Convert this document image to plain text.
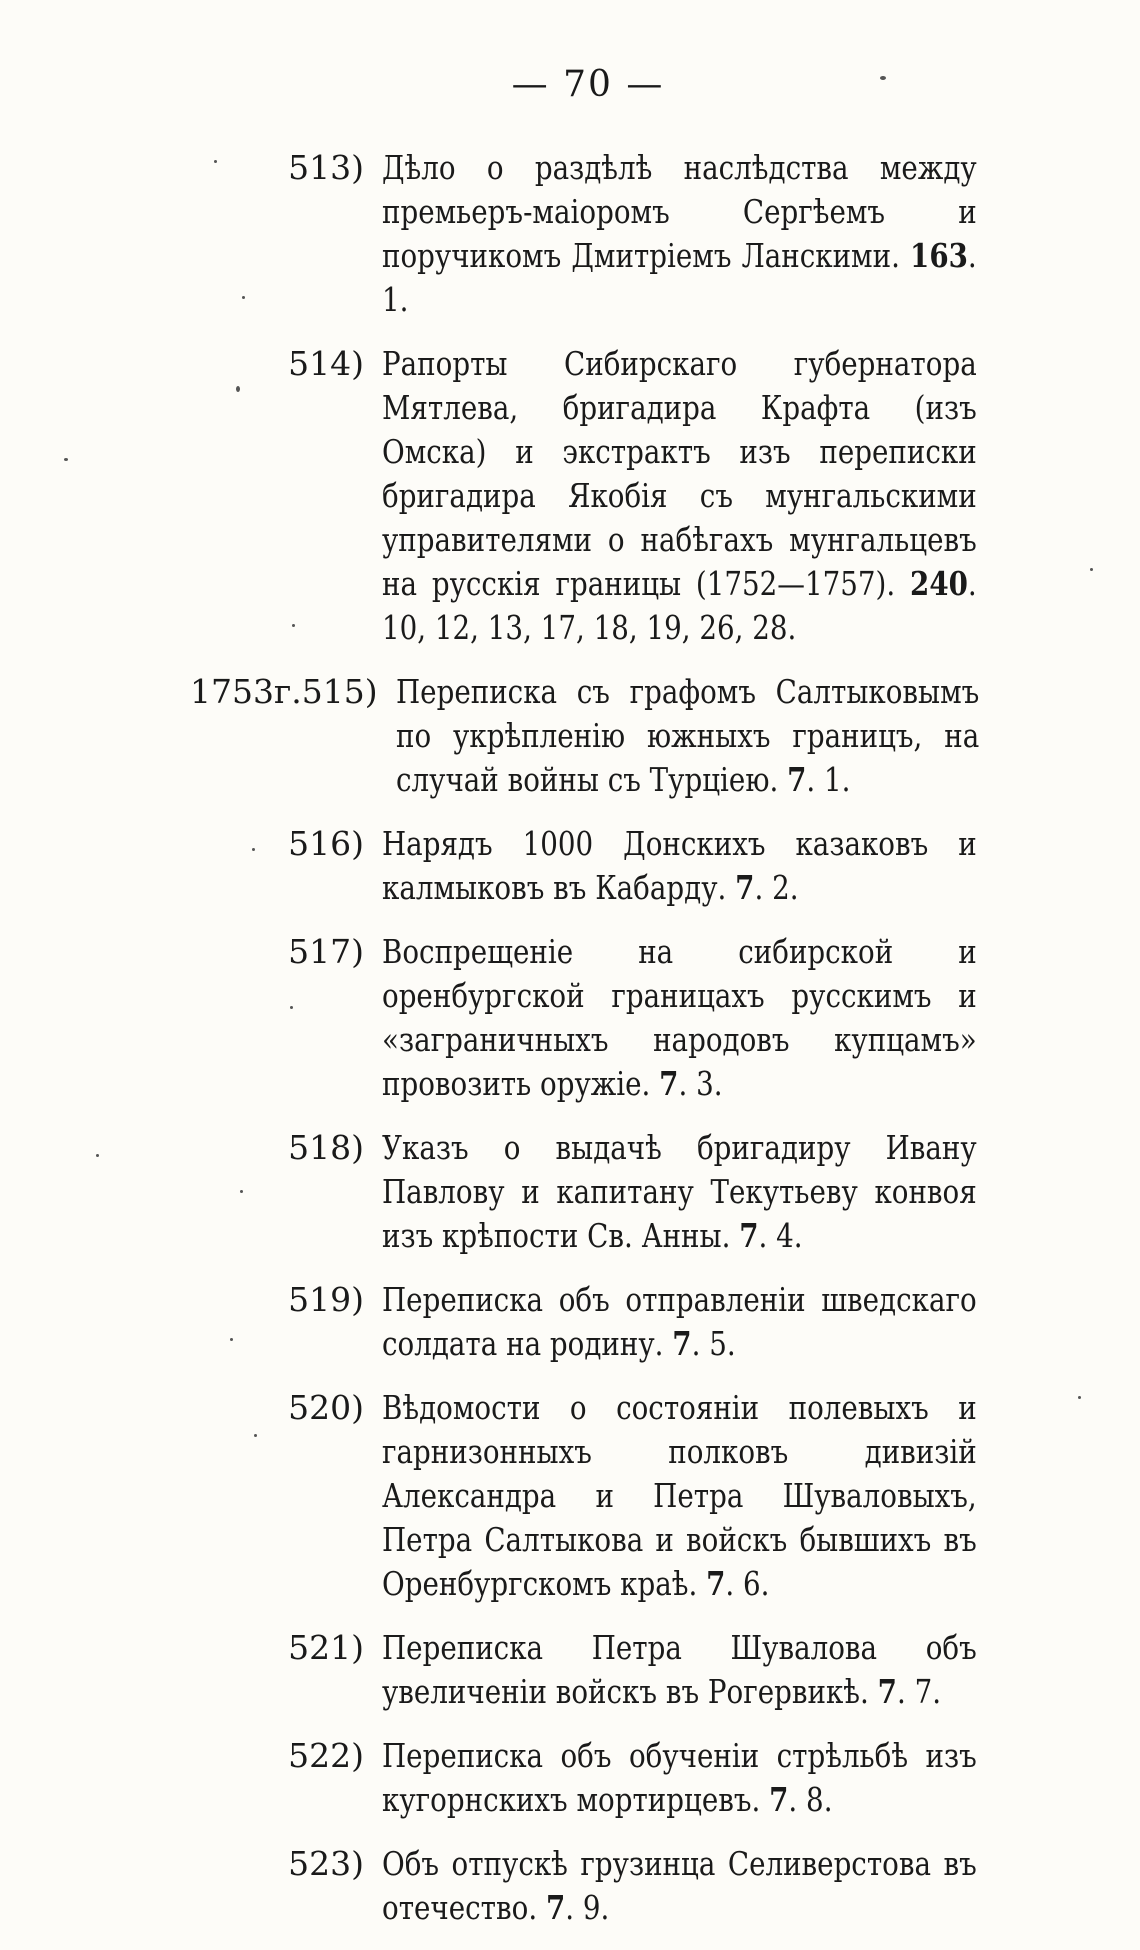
— 70 —
513) Дѣло о раздѣлѣ наслѣдства между премьеръ-маіоромъ Сергѣемъ и поручикомъ Дмитріемъ Ланскими. 163. 1.
514) Рапорты Сибирскаго губернатора Мятлева, бригадира Крафта (изъ Омска) и экстрактъ изъ переписки бригадира Якобія съ мунгальскими управителями о набѣгахъ мунгальцевъ на русскія границы (1752—1757). 240. 10, 12, 13, 17, 18, 19, 26, 28.
1753г.515) Переписка съ графомъ Салтыковымъ по укрѣпленію южныхъ границъ, на случай войны съ Турціею. 7. 1.
516) Нарядъ 1000 Донскихъ казаковъ и калмыковъ въ Кабарду. 7. 2.
517) Воспрещеніе на сибирской и оренбургской границахъ русскимъ и «заграничныхъ народовъ купцамъ» провозить оружіе. 7. 3.
518) Указъ о выдачѣ бригадиру Ивану Павлову и капитану Текутьеву конвоя изъ крѣпости Св. Анны. 7. 4.
519) Переписка объ отправленіи шведскаго солдата на родину. 7. 5.
520) Вѣдомости о состояніи полевыхъ и гарнизонныхъ полковъ дивизій Александра и Петра Шуваловыхъ, Петра Салтыкова и войскъ бывшихъ въ Оренбургскомъ краѣ. 7. 6.
521) Переписка Петра Шувалова объ увеличеніи войскъ въ Рогервикѣ. 7. 7.
522) Переписка объ обученіи стрѣльбѣ изъ кугорнскихъ мортирцевъ. 7. 8.
523) Объ отпускѣ грузинца Селиверстова въ отечество. 7. 9.
